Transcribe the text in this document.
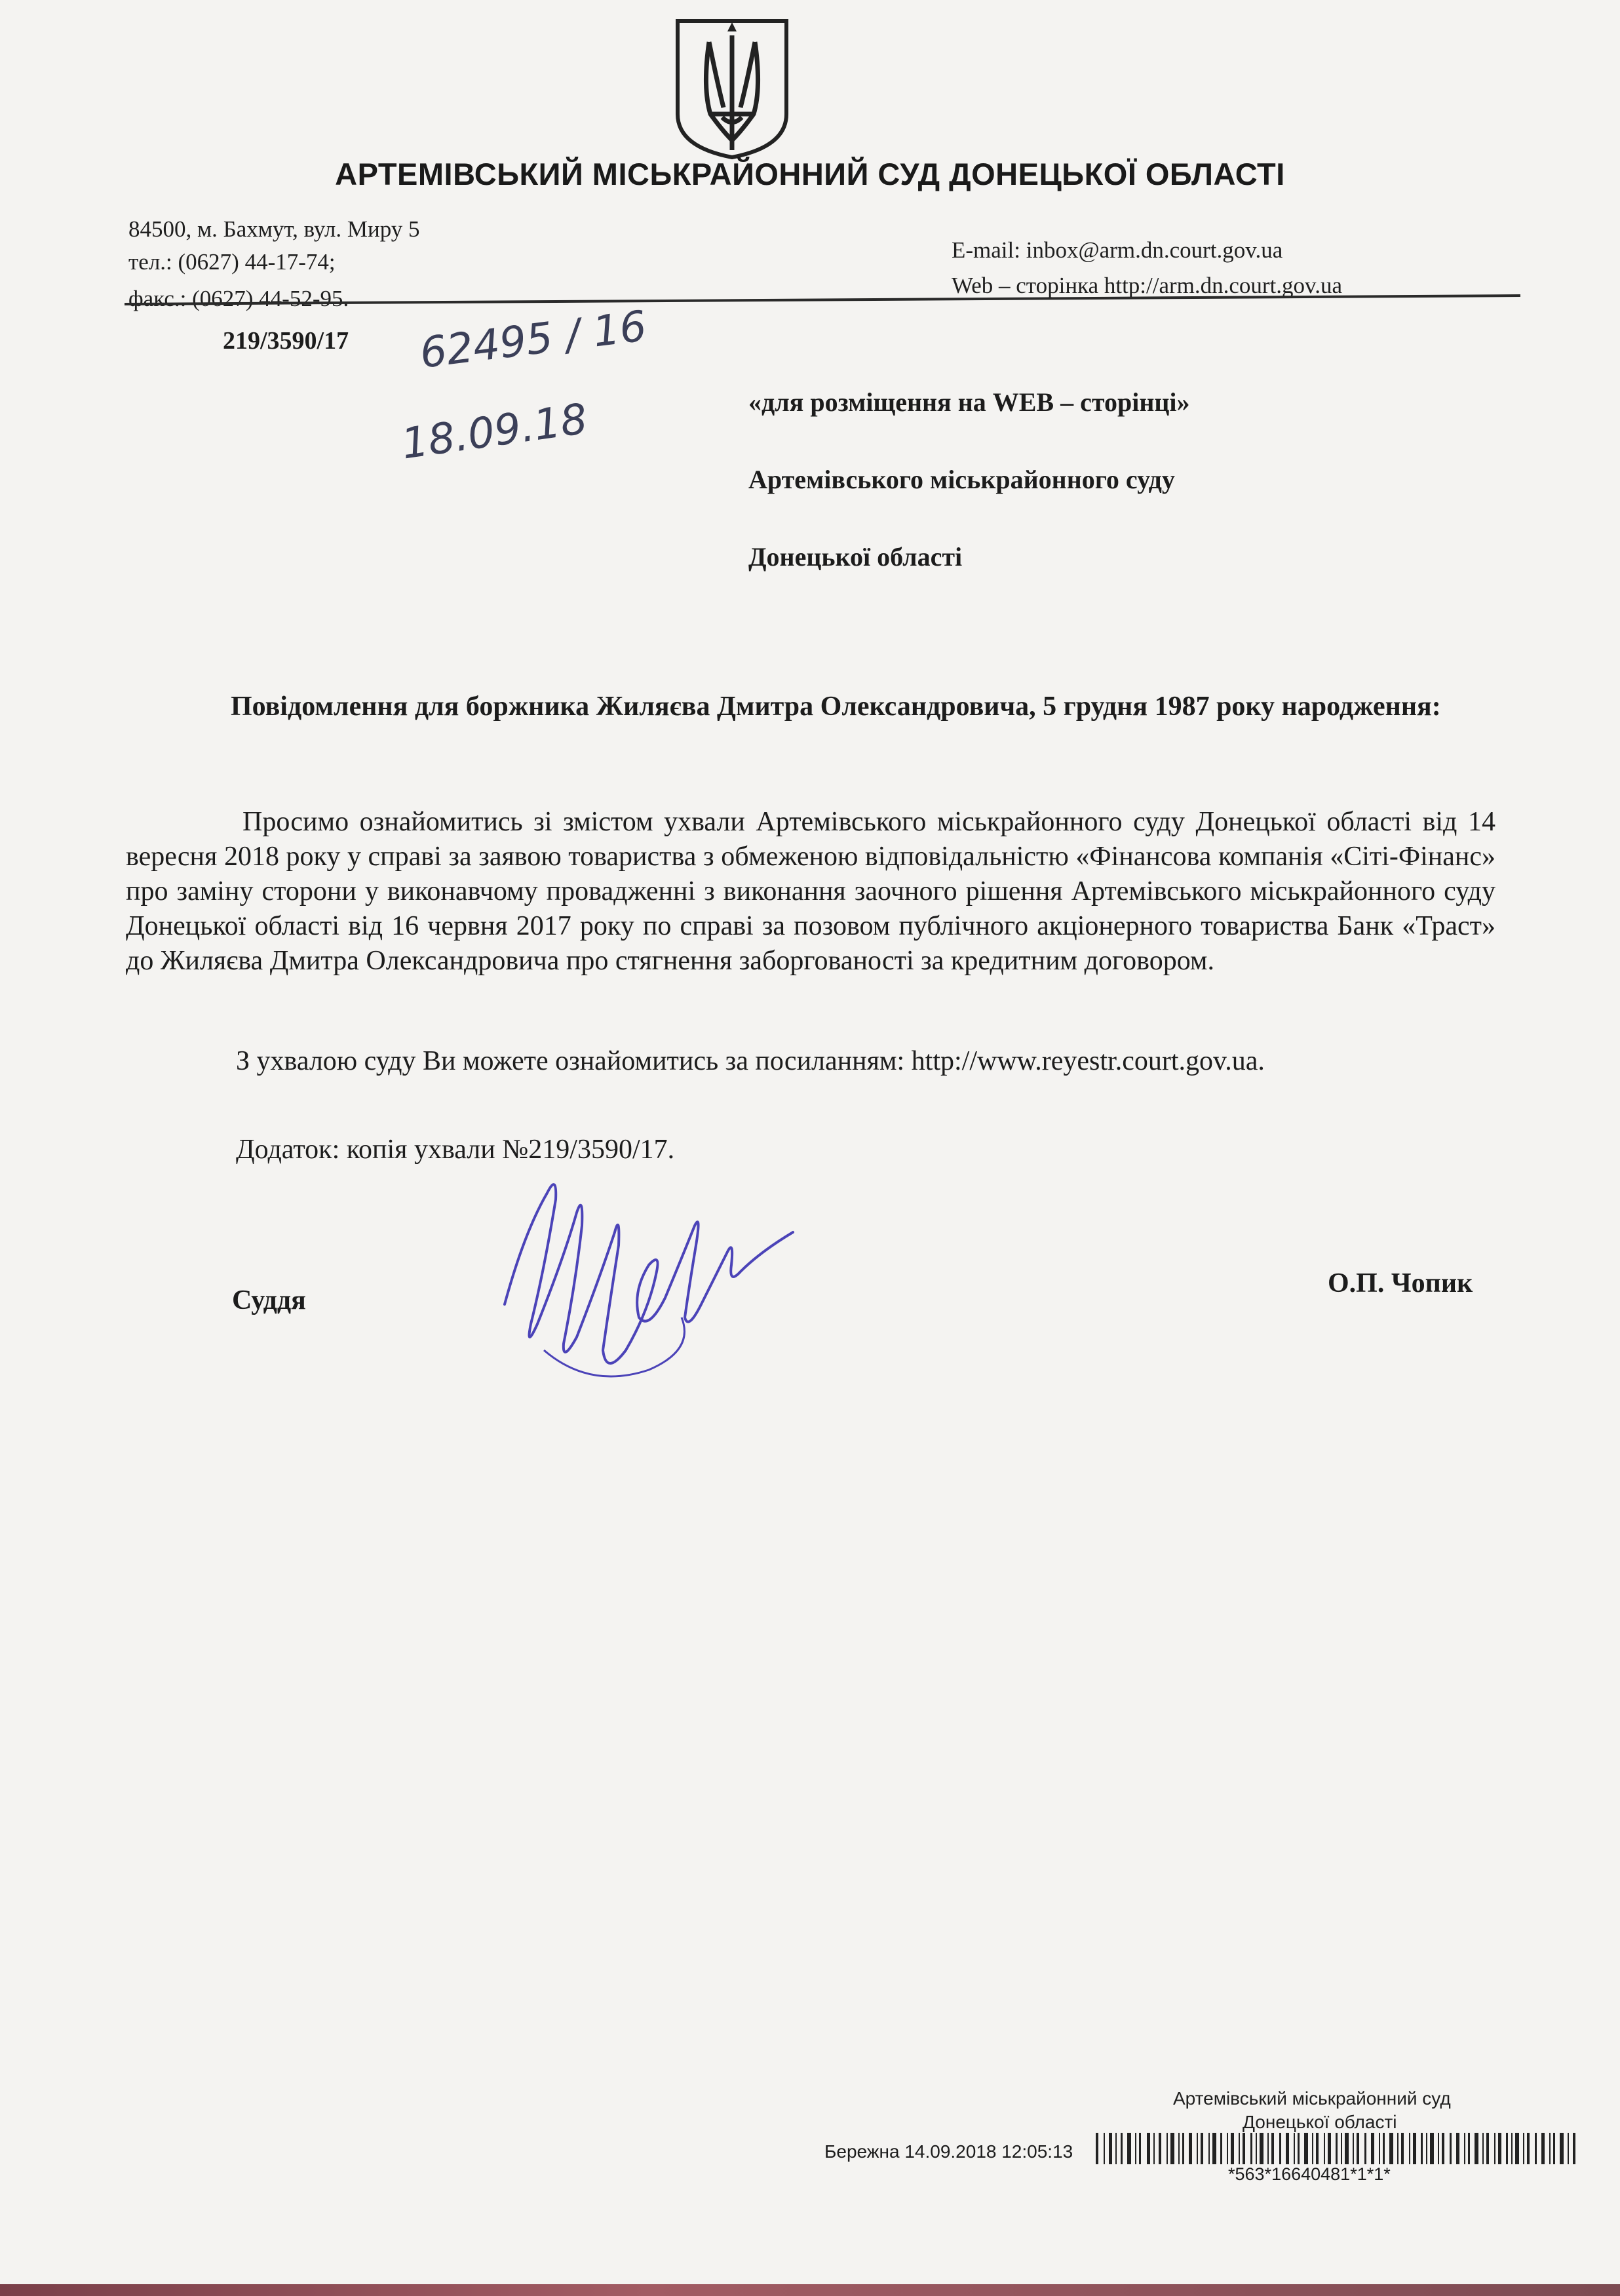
АРТЕМІВСЬКИЙ МІСЬКРАЙОННИЙ СУД ДОНЕЦЬКОЇ ОБЛАСТІ
84500, м. Бахмут, вул. Миру 5
тел.: (0627) 44-17-74;
факс.: (0627) 44-52-95.
E-mail: inbox@arm.dn.court.gov.ua
Web – сторінка http://arm.dn.court.gov.ua
219/3590/17 62495 / 16
18.09.18	«для розміщення на WEB – сторінці»
Артемівського міськрайонного суду
Донецької області
Повідомлення для боржника Жиляєва Дмитра Олександровича, 5 грудня 1987 року народження:
Просимо ознайомитись зі змістом ухвали Артемівського міськрайонного суду Донецької області від 14 вересня 2018 року у справі за заявою товариства з обмеженою відповідальністю «Фінансова компанія «Сіті-Фінанс» про заміну сторони у виконавчому провадженні з виконання заочного рішення Артемівського міськрайонного суду Донецької області від 16 червня 2017 року по справі за позовом публічного акціонерного товариства Банк «Траст» до Жиляєва Дмитра Олександровича про стягнення заборгованості за кредитним договором.
З ухвалою суду Ви можете ознайомитись за посиланням: http://www.reyestr.court.gov.ua.
Додаток: копія ухвали №219/3590/17.
Суддя
О.П. Чопик
Артемівський міськрайонний суд
Донецької області
Бережна 14.09.2018 12:05:13
*563*16640481*1*1*
